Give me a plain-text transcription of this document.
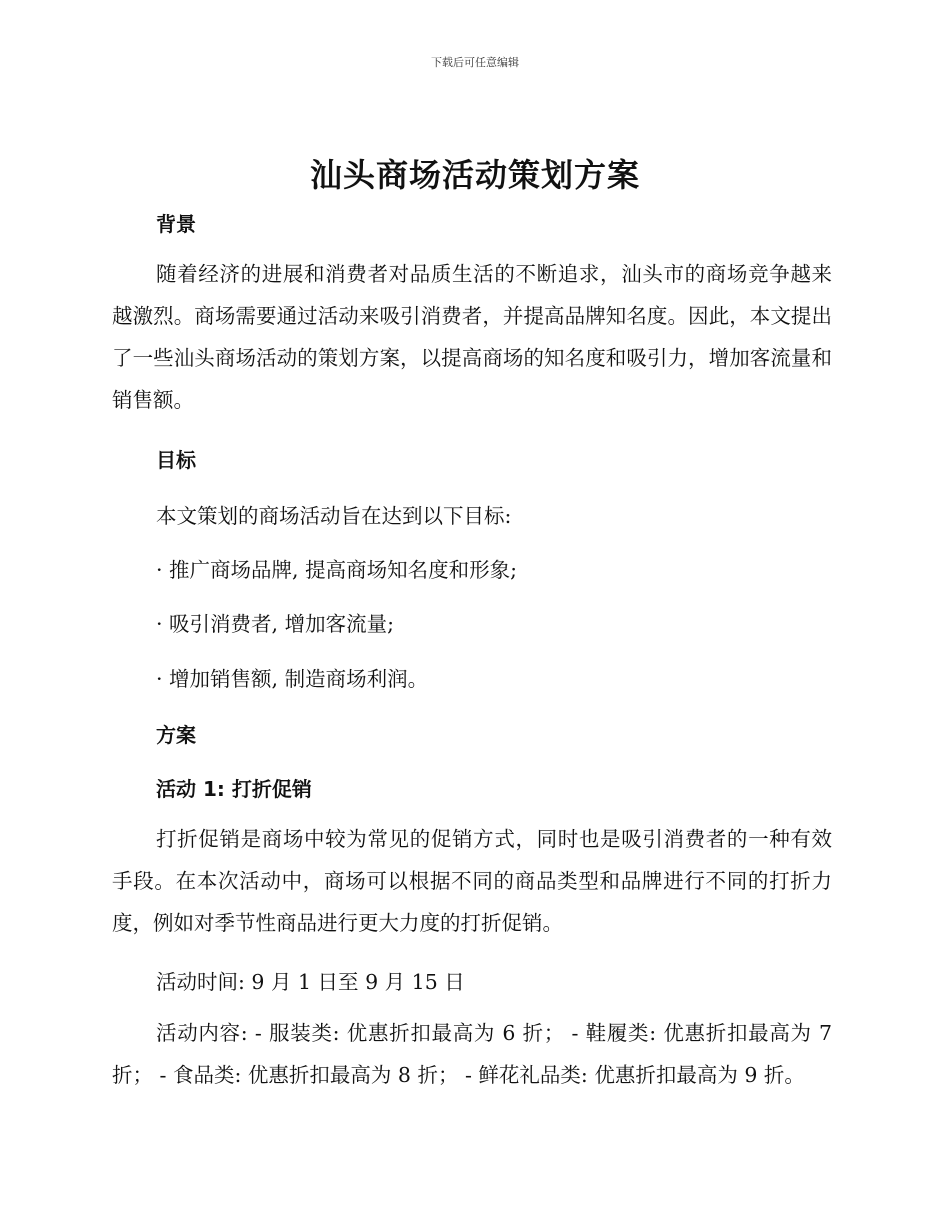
下载后可任意编辑
汕头商场活动策划方案
背景
随着经济的进展和消费者对品质生活的不断追求，汕头市的商场竞争越来越激烈。商场需要通过活动来吸引消费者，并提高品牌知名度。因此，本文提出了一些汕头商场活动的策划方案，以提高商场的知名度和吸引力，增加客流量和销售额。
目标
本文策划的商场活动旨在达到以下目标:
· 推广商场品牌, 提高商场知名度和形象;
· 吸引消费者, 增加客流量;
· 增加销售额, 制造商场利润。
方案
活动 1: 打折促销
打折促销是商场中较为常见的促销方式，同时也是吸引消费者的一种有效手段。在本次活动中，商场可以根据不同的商品类型和品牌进行不同的打折力度，例如对季节性商品进行更大力度的打折促销。
活动时间: 9 月 1 日至 9 月 15 日
活动内容: - 服装类: 优惠折扣最高为 6 折； - 鞋履类: 优惠折扣最高为 7 折； - 食品类: 优惠折扣最高为 8 折； - 鲜花礼品类: 优惠折扣最高为 9 折。
